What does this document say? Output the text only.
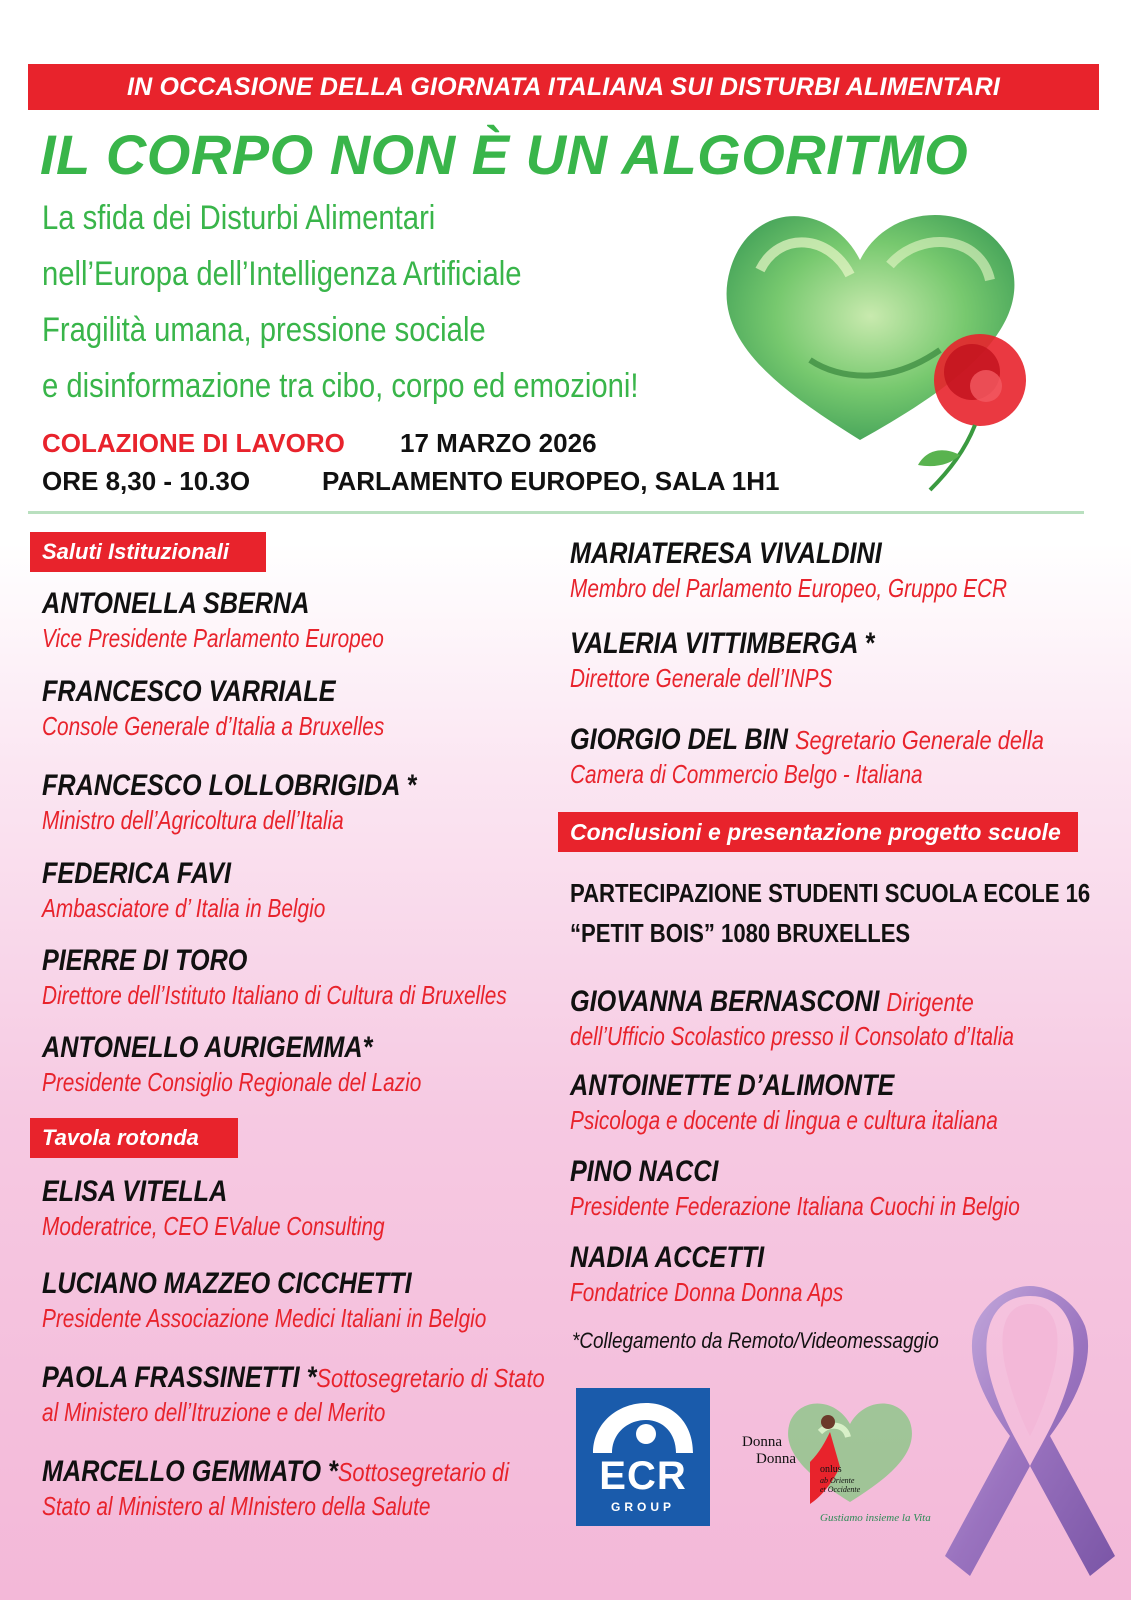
IN OCCASIONE DELLA GIORNATA ITALIANA SUI DISTURBI ALIMENTARI
IL CORPO NON È UN ALGORITMO
La sfida dei Disturbi Alimentari
nell’Europa dell’Intelligenza Artificiale
Fragilità umana, pressione sociale
e disinformazione tra cibo, corpo ed emozioni!
COLAZIONE DI LAVORO 17 MARZO 2026
ORE 8,30 - 10.3O	PARLAMENTO EUROPEO, SALA 1H1
Saluti Istituzionali
ANTONELLA SBERNA
Vice Presidente Parlamento Europeo
FRANCESCO VARRIALE
Console Generale d’Italia a Bruxelles
FRANCESCO LOLLOBRIGIDA *
Ministro dell’Agricoltura dell’Italia
FEDERICA FAVI
Ambasciatore d’ Italia in Belgio
PIERRE DI TORO
Direttore dell’Istituto Italiano di Cultura di Bruxelles
ANTONELLO AURIGEMMA*
Presidente Consiglio Regionale del Lazio
Tavola rotonda
ELISA VITELLA
Moderatrice, CEO EValue Consulting
LUCIANO MAZZEO CICCHETTI
Presidente Associazione Medici Italiani in Belgio
PAOLA FRASSINETTI *Sottosegretario di Stato
al Ministero dell’Itruzione e del Merito
MARCELLO GEMMATO *Sottosegretario di
Stato al Ministero al MInistero della Salute
MARIATERESA VIVALDINI
Membro del Parlamento Europeo, Gruppo ECR
VALERIA VITTIMBERGA *
Direttore Generale dell’INPS
GIORGIO DEL BIN Segretario Generale della
Camera di Commercio Belgo - Italiana
Conclusioni e presentazione progetto scuole
PARTECIPAZIONE STUDENTI SCUOLA ECOLE 16
“PETIT BOIS” 1080 BRUXELLES
GIOVANNA BERNASCONI Dirigente
dell’Ufficio Scolastico presso il Consolato d’Italia
ANTOINETTE D’ALIMONTE
Psicologa e docente di lingua e cultura italiana
PINO NACCI
Presidente Federazione Italiana Cuochi in Belgio
NADIA ACCETTI
Fondatrice Donna Donna Aps
*Collegamento da Remoto/Videomessaggio
ECR
GROUP
Donna
Donna
onlus
ab Oriente
et Occidente
Gustiamo insieme la Vita
